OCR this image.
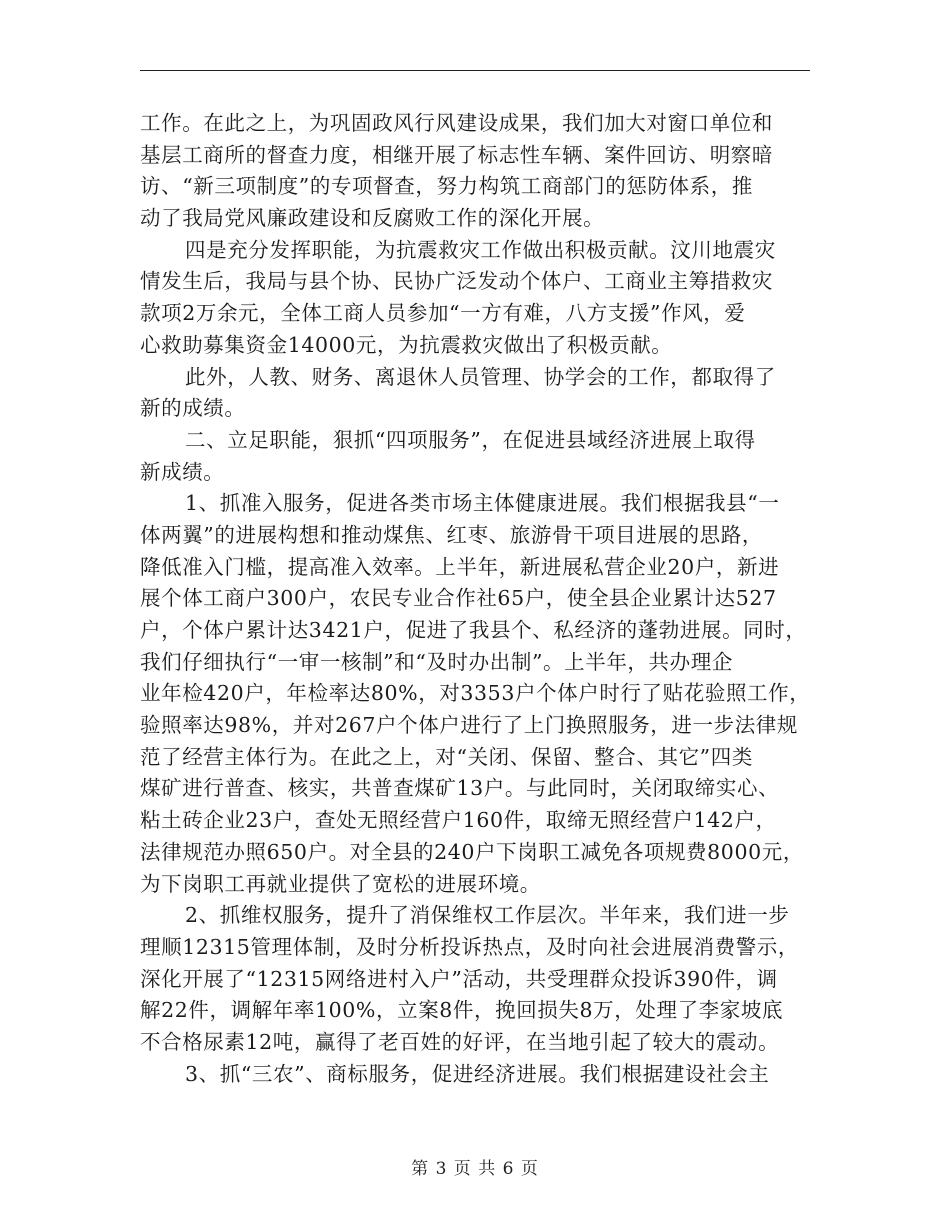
工作。在此之上，为巩固政风行风建设成果，我们加大对窗口单位和
基层工商所的督查力度，相继开展了标志性车辆、案件回访、明察暗
访、“新三项制度”的专项督查，努力构筑工商部门的惩防体系，推
动了我局党风廉政建设和反腐败工作的深化开展。
四是充分发挥职能，为抗震救灾工作做出积极贡献。汶川地震灾
情发生后，我局与县个协、民协广泛发动个体户、工商业主筹措救灾
款项2万余元，全体工商人员参加“一方有难，八方支援”作风，爱
心救助募集资金14000元，为抗震救灾做出了积极贡献。
此外，人教、财务、离退休人员管理、协学会的工作，都取得了
新的成绩。
二、立足职能，狠抓“四项服务”，在促进县域经济进展上取得
新成绩。
1、抓准入服务，促进各类市场主体健康进展。我们根据我县“一
体两翼”的进展构想和推动煤焦、红枣、旅游骨干项目进展的思路，
降低准入门槛，提高准入效率。上半年，新进展私营企业20户，新进
展个体工商户300户，农民专业合作社65户，使全县企业累计达527
户，个体户累计达3421户，促进了我县个、私经济的蓬勃进展。同时，
我们仔细执行“一审一核制”和“及时办出制”。上半年，共办理企
业年检420户，年检率达80%，对3353户个体户时行了贴花验照工作，
验照率达98%，并对267户个体户进行了上门换照服务，进一步法律规
范了经营主体行为。在此之上，对“关闭、保留、整合、其它”四类
煤矿进行普查、核实，共普查煤矿13户。与此同时，关闭取缔实心、
粘土砖企业23户，查处无照经营户160件，取缔无照经营户142户，
法律规范办照650户。对全县的240户下岗职工减免各项规费8000元，
为下岗职工再就业提供了宽松的进展环境。
2、抓维权服务，提升了消保维权工作层次。半年来，我们进一步
理顺12315管理体制，及时分析投诉热点，及时向社会进展消费警示，
深化开展了“12315网络进村入户”活动，共受理群众投诉390件，调
解22件，调解年率100%，立案8件，挽回损失8万，处理了李家坡底
不合格尿素12吨，赢得了老百姓的好评，在当地引起了较大的震动。
3、抓“三农”、商标服务，促进经济进展。我们根据建设社会主
第 3 页 共 6 页
